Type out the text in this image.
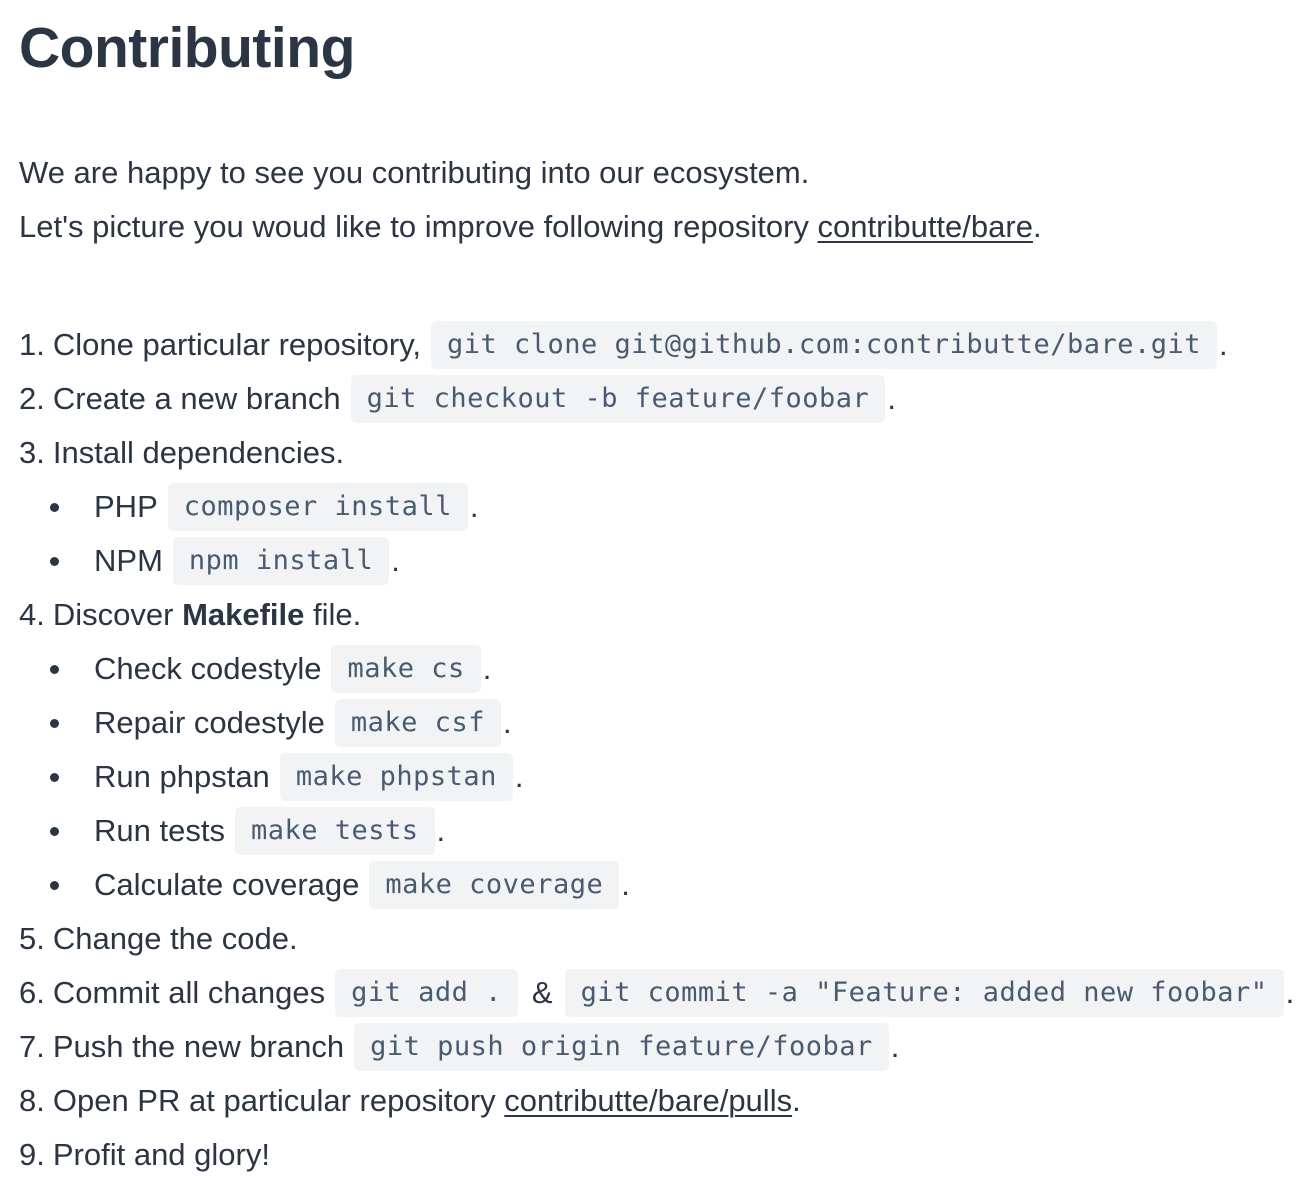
Contributing

We are happy to see you contributing into our ecosystem.

Let's picture you woud like to improve following repository contributte/bare.

1. Clone particular repository, git clone git@github.com:contributte/bare.git .
2. Create a new branch git checkout -b feature/foobar .
3. Install dependencies.
PHP composer install .
NPM npm install .
4. Discover Makefile file.
Check codestyle make cs .
Repair codestyle make csf .
Run phpstan make phpstan .
Run tests make tests .
Calculate coverage make coverage .
5. Change the code.
6. Commit all changes git add . &	git commit -a "Feature: added new foobar" .
7. Push the new branch git push origin feature/foobar .
8. Open PR at particular repository contributte/bare/pulls .
9. Profit and glory!
